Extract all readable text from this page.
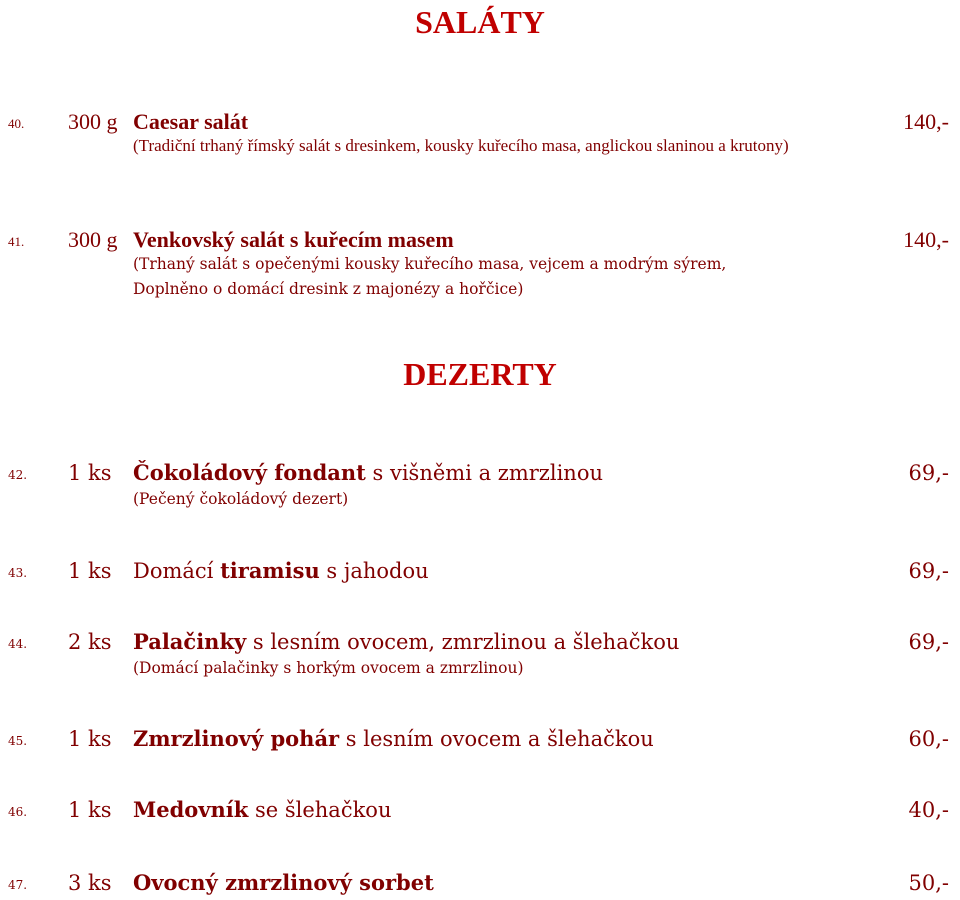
SALÁTY
40. 300 g Caesar salát	140,-
(Tradiční trhaný římský salát s dresinkem, kousky kuřecího masa, anglickou slaninou a krutony)
41. 300 g Venkovský salát s kuřecím masem	140,-
(Trhaný salát s opečenými kousky kuřecího masa, vejcem a modrým sýrem,
Doplněno o domácí dresink z majonézy a hořčice)
DEZERTY
42. 1 ks Čokoládový fondant s višněmi a zmrzlinou	69,-
(Pečený čokoládový dezert)
43. 1 ks Domácí tiramisu s jahodou	69,-
44. 2 ks Palačinky s lesním ovocem, zmrzlinou a šlehačkou	69,-
(Domácí palačinky s horkým ovocem a zmrzlinou)
45. 1 ks Zmrzlinový pohár s lesním ovocem a šlehačkou	60,-
46. 1 ks Medovník se šlehačkou	40,-
47. 3 ks Ovocný zmrzlinový sorbet	50,-
